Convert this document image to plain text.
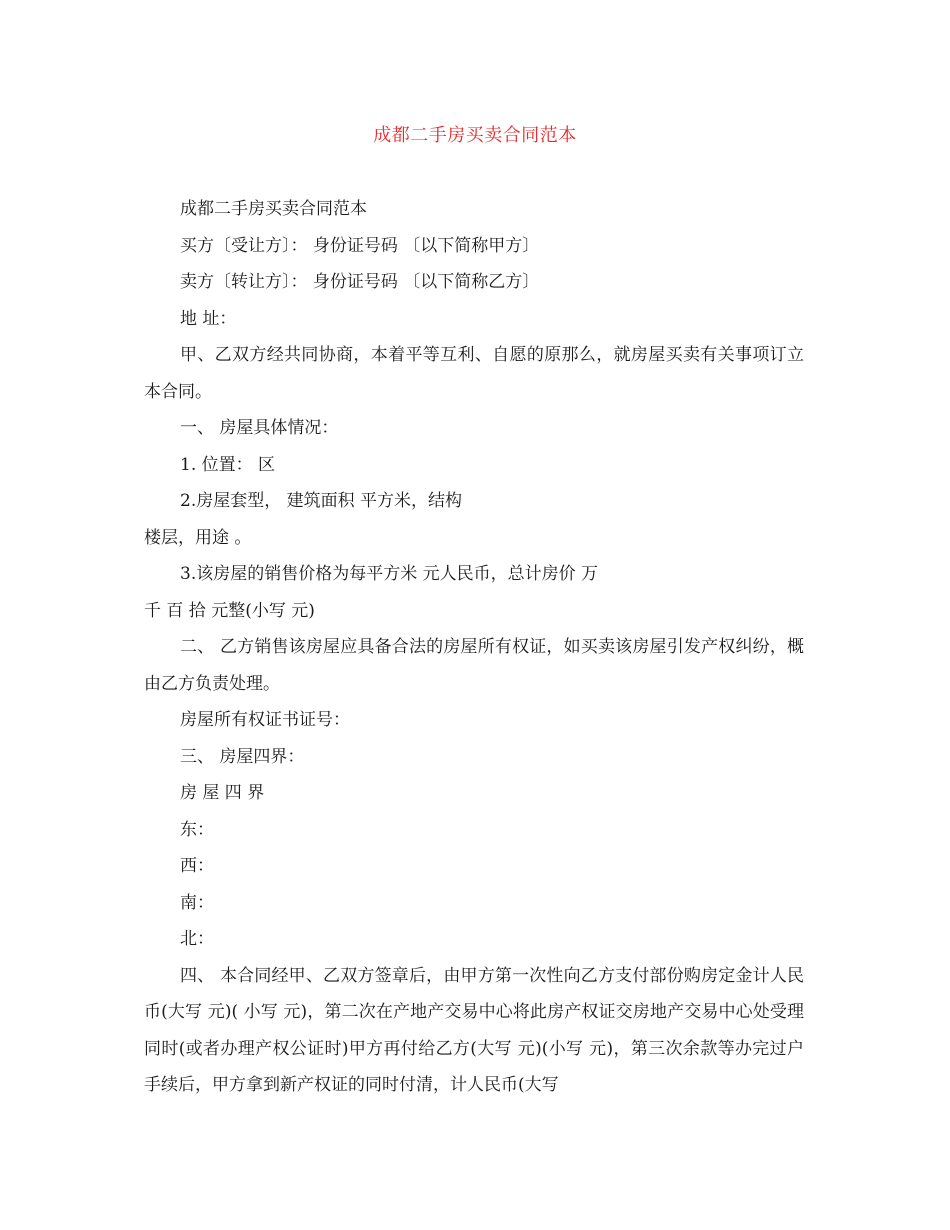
成都二手房买卖合同范本

成都二手房买卖合同范本

买方〔受让方〕： 身份证号码 〔以下简称甲方〕

卖方〔转让方〕： 身份证号码 〔以下简称乙方〕

地 址：

甲、乙双方经共同协商，本着平等互利、自愿的原那么，就房屋买卖有关事项订立本合同。

一、 房屋具体情况：

1. 位置： 区

2.房屋套型， 建筑面积 平方米，结构

楼层，用途 。

3.该房屋的销售价格为每平方米 元人民币，总计房价 万

千 百 拾 元整(小写 元)

二、 乙方销售该房屋应具备合法的房屋所有权证，如买卖该房屋引发产权纠纷，概由乙方负责处理。

房屋所有权证书证号：

三、 房屋四界：

房 屋 四 界

东：

西：

南：

北：

四、 本合同经甲、乙双方签章后，由甲方第一次性向乙方支付部份购房定金计人民币(大写 元)( 小写 元)，第二次在产地产交易中心将此房产权证交房地产交易中心处受理同时(或者办理产权公证时)甲方再付给乙方(大写 元)(小写 元)，第三次余款等办完过户手续后，甲方拿到新产权证的同时付清，计人民币(大写
